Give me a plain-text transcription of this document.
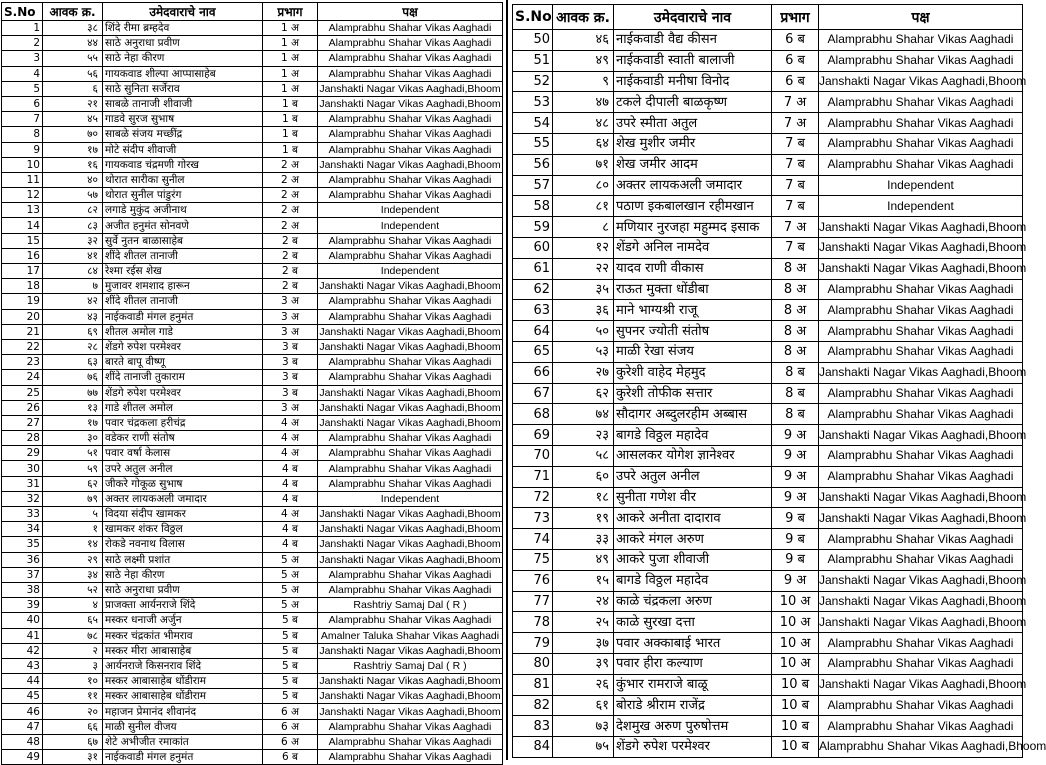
S.No	आवक क्र.	उमेदवाराचे नाव	प्रभाग	पक्ष
1	३८	शिंदे रीमा ब्रम्हदेव	1 अ	Alamprabhu Shahar Vikas Aaghadi
2	४४	साठे अनुराधा प्रवीण	1 अ	Alamprabhu Shahar Vikas Aaghadi
3	५५	साठे नेहा कीरण	1 अ	Alamprabhu Shahar Vikas Aaghadi
4	५६	गायकवाड शील्पा आप्पासाहेब	1 अ	Alamprabhu Shahar Vikas Aaghadi
5	६	साठे सुनिता सर्जेराव	1 अ	Janshakti Nagar Vikas Aaghadi,Bhoom
6	२१	साबळे तानाजी शीवाजी	1 ब	Janshakti Nagar Vikas Aaghadi,Bhoom
7	४५	गाडवे सुरज सुभाष	1 ब	Alamprabhu Shahar Vikas Aaghadi
8	७०	साबळे संजय मच्छींद्र	1 ब	Alamprabhu Shahar Vikas Aaghadi
9	१७	मोटे संदीप शीवाजी	1 ब	Alamprabhu Shahar Vikas Aaghadi
10	१६	गायकवाड चंद्रमणी गोरख	2 अ	Janshakti Nagar Vikas Aaghadi,Bhoom
11	४०	थोरात सारीका सुनील	2 अ	Alamprabhu Shahar Vikas Aaghadi
12	५७	थोरात सुनील पांडुरंग	2 अ	Alamprabhu Shahar Vikas Aaghadi
13	८२	लगाडे मुकुंद अजीनाथ	2 अ	Independent
14	८३	अजीत हनुमंत सोनवणे	2 अ	Independent
15	३२	सुर्वे नुतन बाळासाहेब	2 ब	Alamprabhu Shahar Vikas Aaghadi
16	४१	शींदे शीतल तानाजी	2 ब	Alamprabhu Shahar Vikas Aaghadi
17	८४	रेश्मा रईस शेख	2 ब	Independent
18	७	मुजावर शमशाद हारून	2 ब	Janshakti Nagar Vikas Aaghadi,Bhoom
19	४२	शींदे शीतल तानाजी	3 अ	Alamprabhu Shahar Vikas Aaghadi
20	४३	नाईकवाडी मंगल हनुमंत	3 अ	Alamprabhu Shahar Vikas Aaghadi
21	६९	शीतल अमोल गाडे	3 अ	Janshakti Nagar Vikas Aaghadi,Bhoom
22	२८	शेंडगे रुपेश परमेश्वर	3 ब	Janshakti Nagar Vikas Aaghadi,Bhoom
23	६३	बारते बापू वीष्णू	3 ब	Alamprabhu Shahar Vikas Aaghadi
24	७६	शींदे तानाजी तुकाराम	3 ब	Alamprabhu Shahar Vikas Aaghadi
25	७७	शेंडगे रुपेश परमेश्वर	3 ब	Janshakti Nagar Vikas Aaghadi,Bhoom
26	१३	गाडे शीतल अमोल	3 अ	Janshakti Nagar Vikas Aaghadi,Bhoom
27	१७	पवार चंद्रकला हरीचंद्र	4 अ	Janshakti Nagar Vikas Aaghadi,Bhoom
28	३०	वडेकर राणी संतोष	4 अ	Alamprabhu Shahar Vikas Aaghadi
29	५१	पवार वर्षा केलास	4 अ	Alamprabhu Shahar Vikas Aaghadi
30	५९	उपरे अतुल अनील	4 ब	Alamprabhu Shahar Vikas Aaghadi
31	६२	जीकरे गोकूळ सुभाष	4 ब	Alamprabhu Shahar Vikas Aaghadi
32	७९	अक्तर लायकअली जमादार	4 ब	Independent
33	५	विदया संदीप खामकर	4 अ	Janshakti Nagar Vikas Aaghadi,Bhoom
34	१	खामकर शंकर विठ्ठल	4 ब	Janshakti Nagar Vikas Aaghadi,Bhoom
35	१४	रोकडे नवनाथ विलास	4 ब	Janshakti Nagar Vikas Aaghadi,Bhoom
36	२९	साठे लक्ष्मी प्रशांत	5 अ	Janshakti Nagar Vikas Aaghadi,Bhoom
37	३४	साठे नेहा कीरण	5 अ	Alamprabhu Shahar Vikas Aaghadi
38	५२	साठे अनुराधा प्रवीण	5 अ	Alamprabhu Shahar Vikas Aaghadi
39	४	प्राजक्ता आर्यनराजे शिंदे	5 अ	Rashtriy Samaj Dal ( R )
40	६५	मस्कर धनाजी अर्जुन	5 ब	Alamprabhu Shahar Vikas Aaghadi
41	७८	मस्कर चंद्रकांत भीमराव	5 ब	Amalner Taluka Shahar Vikas Aaghadi
42	२	मस्कर मीरा आबासाहेब	5 ब	Janshakti Nagar Vikas Aaghadi,Bhoom
43	३	आर्यनराजे किसनराव शिंदे	5 ब	Rashtriy Samaj Dal ( R )
44	१०	मस्कर आबासाहेब धोंडीराम	5 ब	Janshakti Nagar Vikas Aaghadi,Bhoom
45	११	मस्कर आबासाहेब धोंडीराम	5 ब	Janshakti Nagar Vikas Aaghadi,Bhoom
46	२०	महाजन प्रेमानंद शीवानंद	6 अ	Janshakti Nagar Vikas Aaghadi,Bhoom
47	६६	माळी सुनील वीजय	6 अ	Alamprabhu Shahar Vikas Aaghadi
48	६७	शेटे अभीजीत रमाकांत	6 अ	Alamprabhu Shahar Vikas Aaghadi
49	३१	नाईकवाडी मंगल हनुमंत	6 ब	Alamprabhu Shahar Vikas Aaghadi
S.No	आवक क्र.	उमेदवाराचे नाव	प्रभाग	पक्ष
50	४६	नाईकवाडी वैद्य कीसन	6 ब	Alamprabhu Shahar Vikas Aaghadi
51	४९	नाईकवाडी स्वाती बालाजी	6 ब	Alamprabhu Shahar Vikas Aaghadi
52	९	नाईकवाडी मनीषा विनोद	6 ब	Janshakti Nagar Vikas Aaghadi,Bhoom
53	४७	टकले दीपाली बाळकृष्ण	7 अ	Alamprabhu Shahar Vikas Aaghadi
54	४८	उपरे स्मीता अतुल	7 अ	Alamprabhu Shahar Vikas Aaghadi
55	६४	शेख मुशीर जमीर	7 ब	Alamprabhu Shahar Vikas Aaghadi
56	७१	शेख जमीर आदम	7 ब	Alamprabhu Shahar Vikas Aaghadi
57	८०	अक्तर लायकअली जमादार	7 ब	Independent
58	८१	पठाण इकबालखान रहीमखान	7 ब	Independent
59	८	मणियार नुरजहा महुम्मद इसाक	7 अ	Janshakti Nagar Vikas Aaghadi,Bhoom
60	१२	शेंडगे अनिल नामदेव	7 ब	Janshakti Nagar Vikas Aaghadi,Bhoom
61	२२	यादव राणी वीकास	8 अ	Janshakti Nagar Vikas Aaghadi,Bhoom
62	३५	राऊत मुक्ता धोंडीबा	8 अ	Alamprabhu Shahar Vikas Aaghadi
63	३६	माने भाग्यश्री राजू	8 अ	Alamprabhu Shahar Vikas Aaghadi
64	५०	सुपनर ज्योती संतोष	8 अ	Alamprabhu Shahar Vikas Aaghadi
65	५३	माळी रेखा संजय	8 अ	Alamprabhu Shahar Vikas Aaghadi
66	२७	कुरेशी वाहेद मेहमुद	8 ब	Janshakti Nagar Vikas Aaghadi,Bhoom
67	६२	कुरेशी तोफीक सत्तार	8 ब	Alamprabhu Shahar Vikas Aaghadi
68	७४	सौदागर अब्दुलरहीम अब्बास	8 ब	Alamprabhu Shahar Vikas Aaghadi
69	२३	बागडे विठ्ठल महादेव	9 अ	Janshakti Nagar Vikas Aaghadi,Bhoom
70	५८	आसलकर योगेश ज्ञानेश्वर	9 अ	Alamprabhu Shahar Vikas Aaghadi
71	६०	उपरे अतुल अनील	9 अ	Alamprabhu Shahar Vikas Aaghadi
72	१८	सुनीता गणेश वीर	9 अ	Janshakti Nagar Vikas Aaghadi,Bhoom
73	१९	आकरे अनीता दादाराव	9 ब	Janshakti Nagar Vikas Aaghadi,Bhoom
74	३३	आकरे मंगल अरुण	9 ब	Alamprabhu Shahar Vikas Aaghadi
75	४९	आकरे पुजा शीवाजी	9 ब	Alamprabhu Shahar Vikas Aaghadi
76	१५	बागडे विठ्ठल महादेव	9 अ	Janshakti Nagar Vikas Aaghadi,Bhoom
77	२४	काळे चंद्रकला अरुण	10 अ	Janshakti Nagar Vikas Aaghadi,Bhoom
78	२५	काळे सुरखा दत्ता	10 अ	Janshakti Nagar Vikas Aaghadi,Bhoom
79	३७	पवार अक्काबाई भारत	10 अ	Alamprabhu Shahar Vikas Aaghadi
80	३९	पवार हीरा कल्याण	10 अ	Alamprabhu Shahar Vikas Aaghadi
81	२६	कुंभार रामराजे बाळू	10 ब	Janshakti Nagar Vikas Aaghadi,Bhoom
82	६१	बोराडे श्रीराम राजेंद्र	10 ब	Alamprabhu Shahar Vikas Aaghadi
83	७३	देशमुख अरुण पुरुषोत्तम	10 ब	Alamprabhu Shahar Vikas Aaghadi
84	७५	शेंडगे रुपेश परमेश्वर	10 ब	Alamprabhu Shahar Vikas Aaghadi,Bhoom
